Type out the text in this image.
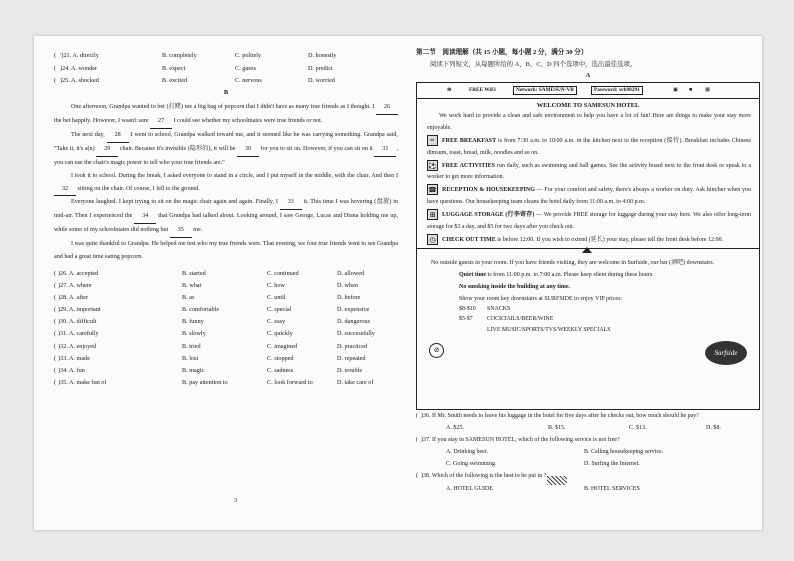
( ′)21. A. directly	B. completely	C. politely	D. honestly
( )24. A. wonder	B. expect	C. guess	D. predict
( )25. A. shocked	B. excited	C. nervous	D. worried
B

One afternoon, Grandpa wanted to bet (打赌) me a big bag of popcorn that I didn't have as many true friends as I thought. I 26 the bet happily. However, I wasn't sure 27 I could see whether my schoolmates were true friends or not.

The next day, 28 I went to school, Grandpa walked toward me, and it seemed like he was carrying something. Grandpa said, "Take it, it's a(n) 29 chair. Because it's invisible (隐形的), it will be 30 for you to sit on. However, if you can sit on it 31 , you can use the chair's magic power to tell who your true friends are."

I took it to school. During the break, I asked everyone to stand in a circle, and I put myself in the middle, with the chair. And then I 32 sitting on the chair. Of course, I fell to the ground.

Everyone laughed. I kept trying to sit on the magic chair again and again. Finally, I 33 it. This time I was hovering (盘旋) in mid-air. Then I experienced the 34 that Grandpa had talked about. Looking around, I saw George, Lucas and Diana holding me up, while some of my schoolmates did nothing but 35 me.

I was quite thankful to Grandpa. He helped me test who my true friends were. That evening, we four true friends went to see Grandpa and had a great time eating popcorn.

( )26. A. accepted	B. started	C. continued	D. allowed
( )27. A. where	B. what	C. how	D. when
( )28. A. after	B. as	C. until	D. before
( )29. A. important	B. comfortable	C. special	D. expensive
( )30. A. difficult	B. funny	C. easy	D. dangerous
( )31. A. carefully	B. slowly	C. quickly	D. successfully
( )32. A. enjoyed	B. tried	C. imagined	D. practiced
( )33. A. made	B. lost	C. stopped	D. repeated
( )34. A. fun	B. magic	C. sadness	D. trouble
( )35. A. make fun of	B. pay attention to	C. look forward to	D. take care of
3
第二节　阅读理解（共 15 小题，每小题 2 分，满分 30 分）
阅读下列短文，从每题所给的 A、B、C、D 四个选项中，选出最佳选项。
A
≋	FREE WiFi	Network: SAMESUN-VB	Password: svb90291	▣ ■ ▦
WELCOME TO SAMESUN HOTEL
We work hard to provide a clean and safe environment to help you have a lot of fun! Here are things to make your stay more enjoyable.
☕ FREE BREAKFAST is from 7:30 a.m. to 10:00 a.m. in the kitchen next to the reception (接待). Breakfast includes Chinese dimsum, toast, bread, milk, noodles and so on.
⚽ FREE ACTIVITIES run daily, such as swimming and ball games. See the activity board next to the front desk or speak to a worker to get more information.
☎ RECEPTION & HOUSEKEEPING — For your comfort and safety, there's always a worker on duty. Ask him/her when you have questions. Our housekeeping team cleans the hotel daily from 11:00 a.m. to 4:00 p.m.
⊞ LUGGAGE STORAGE (行李寄存) — We provide FREE storage for luggage during your stay here. We also offer long-term storage for $3 a day, and $5 for two days after you check out.
◷ CHECK OUT TIME is before 12:00. If you wish to extend (延长) your stay, please tell the front desk before 12:00.
No outside guests in your room. If you have friends visiting, they are welcome in Surfside, our bar (酒吧) downstairs.
Quiet time is from 11:00 p.m. to 7:00 a.m. Please keep silent during these hours.
No smoking inside the building at any time.
Show your room key downstairs at SURFSIDE to enjoy VIP prices:
$8-$10 SNACKS
$5-$7 COCKTAILS/BEER/WINE
LIVE MUSIC/SPORTS/TVS/WEEKLY SPECIALS
⊘	Surfside
( )36. If Mr. Smith needs to leave his luggage in the hotel for five days after he checks out, how much should he pay?
A. $25.	B. $15.	C. $13.	D. $8.
( )37. If you stay in SAMESUN HOTEL, which of the following service is not free?
A. Drinking beer.	B. Calling housekeeping service.
C. Going swimming.	D. Surfing the Internet.
( )38. Which of the following is the best to be put in
?
A. HOTEL GUIDE	B. HOTEL SERVICES
